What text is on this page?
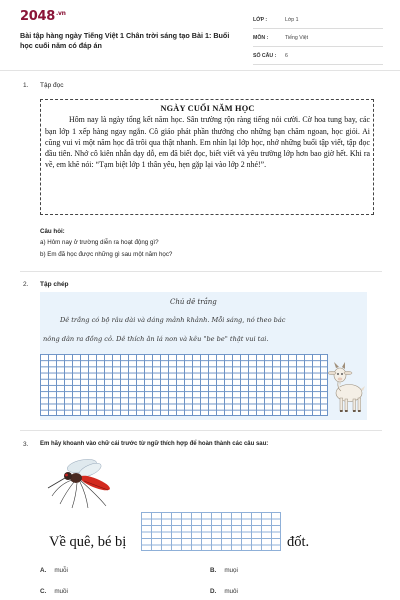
$2048^{.vn}$
Bài tập hàng ngày Tiếng Việt 1 Chân trời sáng tạo Bài 1: Buổi học cuối năm có đáp án
LỚP :	Lớp 1
MÔN :	Tiếng Việt
SỐ CÂU : 6
1. Tập đọc
NGÀY CUỐI NĂM HỌC
Hôm nay là ngày tổng kết năm học. Sân trường rộn ràng tiếng nói cười. Cờ hoa tung bay, các bạn lớp 1 xếp hàng ngay ngắn. Cô giáo phát phần thưởng cho những bạn chăm ngoan, học giỏi. Ai cũng vui vì một năm học đã trôi qua thật nhanh. Em nhìn lại lớp học, nhớ những buổi tập viết, tập đọc đầu tiên. Nhớ cô kiên nhẫn dạy dỗ, em đã biết đọc, biết viết và yêu trường lớp hơn bao giờ hết. Khi ra về, em khẽ nói: “Tạm biệt lớp 1 thân yêu, hẹn gặp lại vào lớp 2 nhé!”.
Câu hỏi:
a) Hôm nay ở trường diễn ra hoạt động gì?
b) Em đã học được những gì sau một năm học?
2. Tập chép
Chú dê trắng
Dê trắng có bộ râu dài và dáng mảnh khảnh. Mỗi sáng, nó theo bác
nông dân ra đồng cỏ. Dê thích ăn lá non và kêu "be be" thật vui tai.
3. Em hãy khoanh vào chữ cái trước từ ngữ thích hợp để hoàn thành các câu sau:
Về quê, bé bị	đốt.
A. muỗi	B. muọi
C. muồi	D. muôi
